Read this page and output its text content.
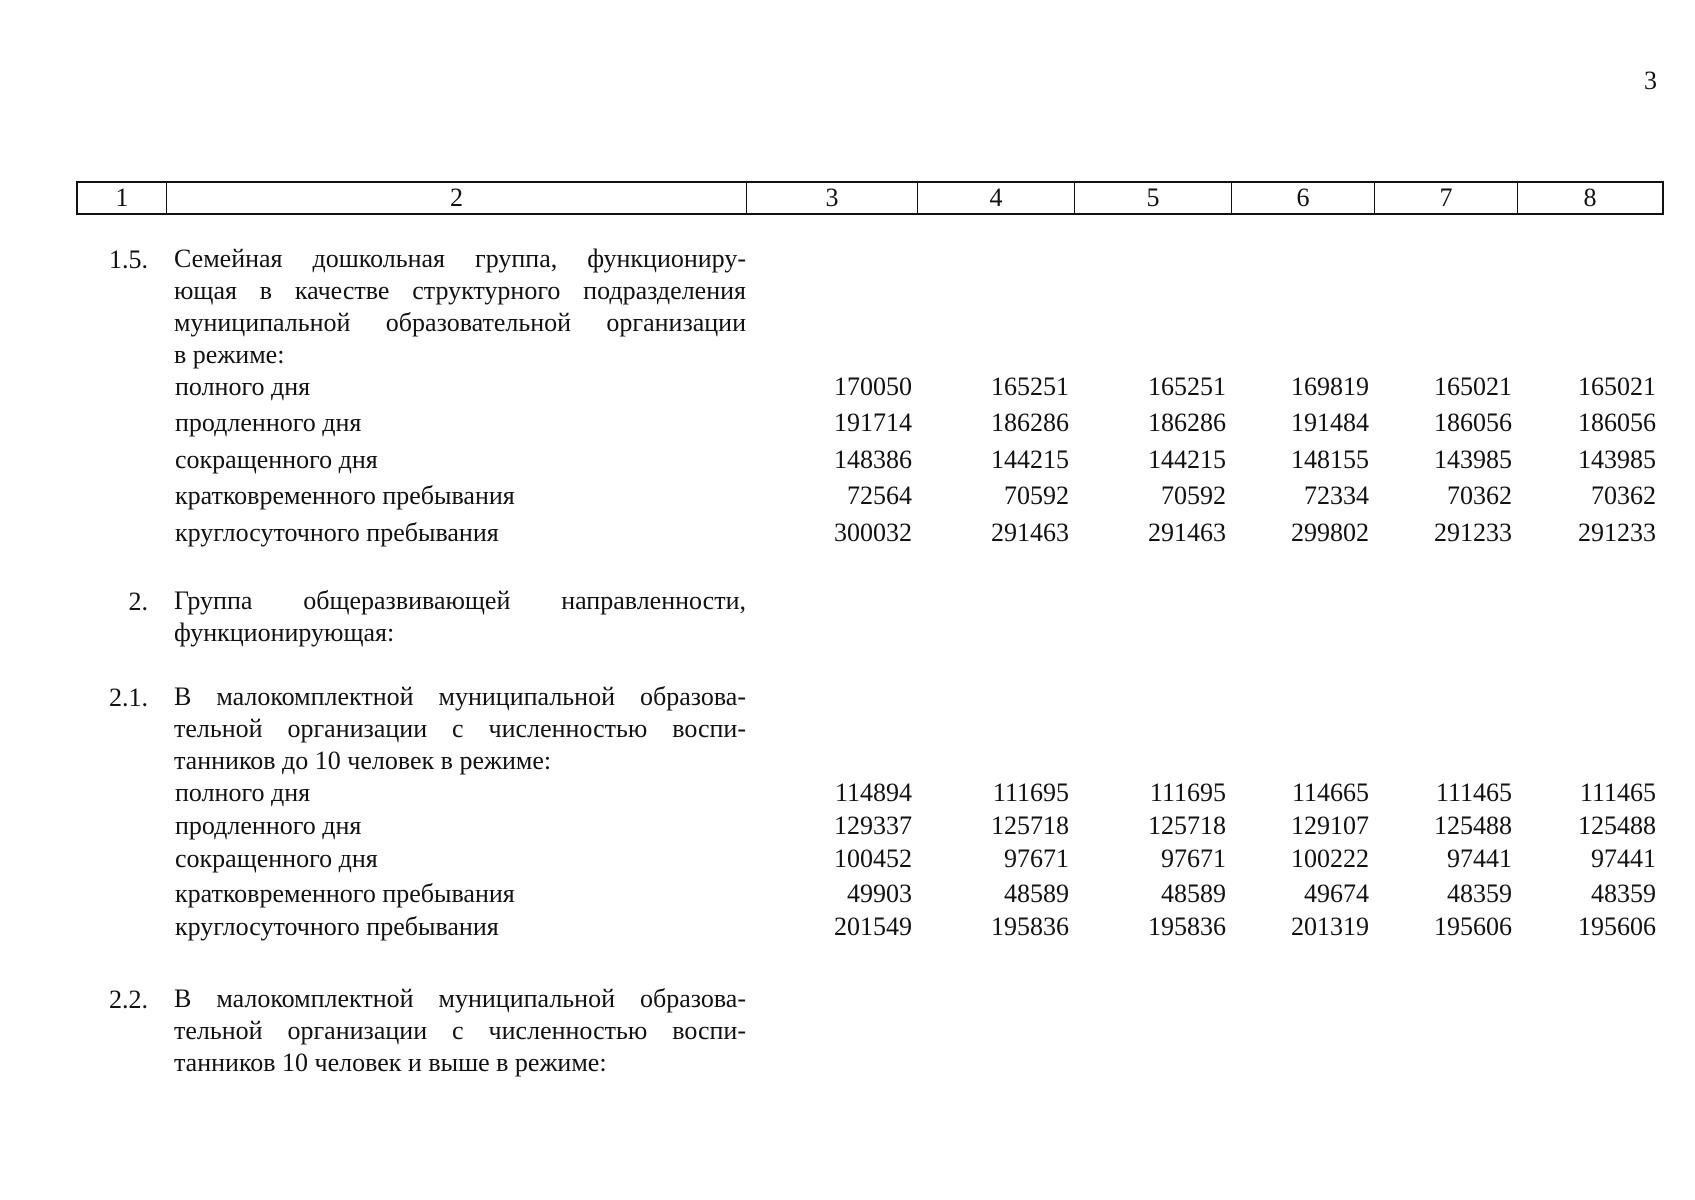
3
1	2	3	4	5	6	7	8
1.5. Семейная дошкольная группа, функциониру-
ющая в качестве структурного подразделения
муниципальной образовательной организации
в режиме:
полного дня	170050	165251	165251	169819	165021	165021
продленного дня	191714	186286	186286	191484	186056	186056
сокращенного дня	148386	144215	144215	148155	143985	143985
кратковременного пребывания	72564	70592	70592	72334	70362	70362
круглосуточного пребывания	300032	291463	291463	299802	291233	291233
2. Группа общеразвивающей направленности,
функционирующая:
2.1. В малокомплектной муниципальной образова-
тельной организации с численностью воспи-
танников до 10 человек в режиме:
полного дня	114894	111695	111695	114665	111465	111465
продленного дня	129337	125718	125718	129107	125488	125488
сокращенного дня	100452	97671	97671	100222	97441	97441
кратковременного пребывания	49903	48589	48589	49674	48359	48359
круглосуточного пребывания	201549	195836	195836	201319	195606	195606
2.2. В малокомплектной муниципальной образова-
тельной организации с численностью воспи-
танников 10 человек и выше в режиме:
